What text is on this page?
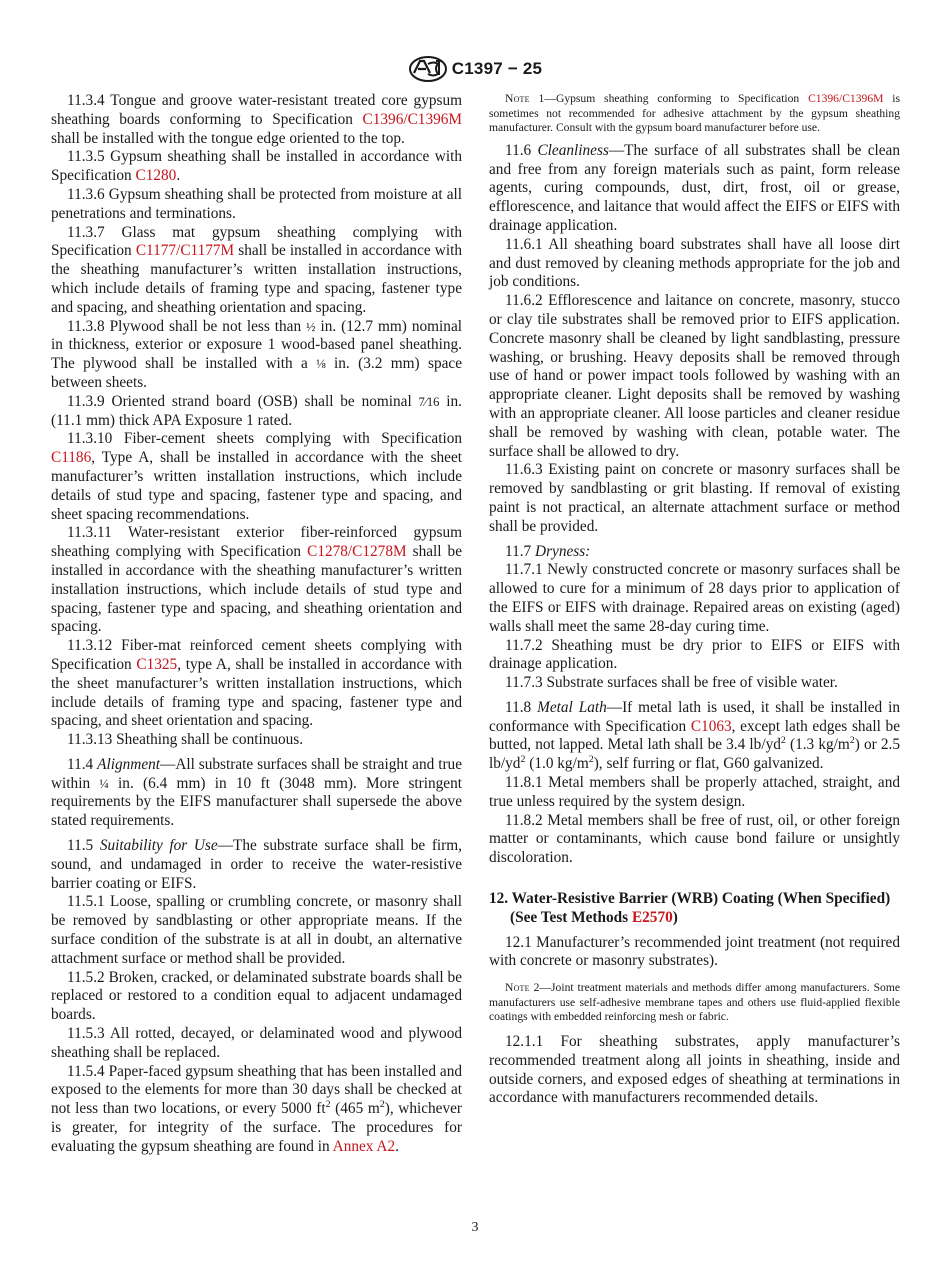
C1397 − 25

11.3.4 Tongue and groove water-resistant treated core gypsum sheathing boards conforming to Specification C1396/C1396M shall be installed with the tongue edge oriented to the top.

11.3.5 Gypsum sheathing shall be installed in accordance with Specification C1280.

11.3.6 Gypsum sheathing shall be protected from moisture at all penetrations and terminations.

11.3.7 Glass mat gypsum sheathing complying with Specification C1177/C1177M shall be installed in accordance with the sheathing manufacturer’s written installation instructions, which include details of framing type and spacing, fastener type and spacing, and sheathing orientation and spacing.

11.3.8 Plywood shall be not less than ½ in. (12.7 mm) nominal in thickness, exterior or exposure 1 wood-based panel sheathing. The plywood shall be installed with a ⅛ in. (3.2 mm) space between sheets.

11.3.9 Oriented strand board (OSB) shall be nominal 7⁄16 in. (11.1 mm) thick APA Exposure 1 rated.

11.3.10 Fiber-cement sheets complying with Specification C1186, Type A, shall be installed in accordance with the sheet manufacturer’s written installation instructions, which include details of stud type and spacing, fastener type and spacing, and sheet spacing recommendations.

11.3.11 Water-resistant exterior fiber-reinforced gypsum sheathing complying with Specification C1278/C1278M shall be installed in accordance with the sheathing manufacturer’s written installation instructions, which include details of stud type and spacing, fastener type and spacing, and sheathing orientation and spacing.

11.3.12 Fiber-mat reinforced cement sheets complying with Specification C1325, type A, shall be installed in accordance with the sheet manufacturer’s written installation instructions, which include details of framing type and spacing, fastener type and spacing, and sheet orientation and spacing.

11.3.13 Sheathing shall be continuous.

11.4 Alignment—All substrate surfaces shall be straight and true within ¼ in. (6.4 mm) in 10 ft (3048 mm). More stringent requirements by the EIFS manufacturer shall supersede the above stated requirements.

11.5 Suitability for Use—The substrate surface shall be firm, sound, and undamaged in order to receive the water-resistive barrier coating or EIFS.

11.5.1 Loose, spalling or crumbling concrete, or masonry shall be removed by sandblasting or other appropriate means. If the surface condition of the substrate is at all in doubt, an alternative attachment surface or method shall be provided.

11.5.2 Broken, cracked, or delaminated substrate boards shall be replaced or restored to a condition equal to adjacent undamaged boards.

11.5.3 All rotted, decayed, or delaminated wood and plywood sheathing shall be replaced.

11.5.4 Paper-faced gypsum sheathing that has been installed and exposed to the elements for more than 30 days shall be checked at not less than two locations, or every 5000 $ft^2$ (465 $m^2$), whichever is greater, for integrity of the surface. The procedures for evaluating the gypsum sheathing are found in Annex A2.

Note 1—Gypsum sheathing conforming to Specification C1396/C1396M is sometimes not recommended for adhesive attachment by the gypsum sheathing manufacturer. Consult with the gypsum board manufacturer before use.

11.6 Cleanliness—The surface of all substrates shall be clean and free from any foreign materials such as paint, form release agents, curing compounds, dust, dirt, frost, oil or grease, efflorescence, and laitance that would affect the EIFS or EIFS with drainage application.

11.6.1 All sheathing board substrates shall have all loose dirt and dust removed by cleaning methods appropriate for the job and job conditions.

11.6.2 Efflorescence and laitance on concrete, masonry, stucco or clay tile substrates shall be removed prior to EIFS application. Concrete masonry shall be cleaned by light sandblasting, pressure washing, or brushing. Heavy deposits shall be removed through use of hand or power impact tools followed by washing with an appropriate cleaner. Light deposits shall be removed by washing with an appropriate cleaner. All loose particles and cleaner residue shall be removed by washing with clean, potable water. The surface shall be allowed to dry.

11.6.3 Existing paint on concrete or masonry surfaces shall be removed by sandblasting or grit blasting. If removal of existing paint is not practical, an alternate attachment surface or method shall be provided.

11.7 Dryness:

11.7.1 Newly constructed concrete or masonry surfaces shall be allowed to cure for a minimum of 28 days prior to application of the EIFS or EIFS with drainage. Repaired areas on existing (aged) walls shall meet the same 28-day curing time.

11.7.2 Sheathing must be dry prior to EIFS or EIFS with drainage application.

11.7.3 Substrate surfaces shall be free of visible water.

11.8 Metal Lath—If metal lath is used, it shall be installed in conformance with Specification C1063, except lath edges shall be butted, not lapped. Metal lath shall be 3.4 $lb/yd^2$ (1.3 $kg/m^2$) or 2.5 $lb/yd^2$ (1.0 $kg/m^2$), self furring or flat, G60 galvanized.

11.8.1 Metal members shall be properly attached, straight, and true unless required by the system design.

11.8.2 Metal members shall be free of rust, oil, or other foreign matter or contaminants, which cause bond failure or unsightly discoloration.

12. Water-Resistive Barrier (WRB) Coating (When Specified) (See Test Methods E2570)

12.1 Manufacturer’s recommended joint treatment (not required with concrete or masonry substrates).

Note 2—Joint treatment materials and methods differ among manufacturers. Some manufacturers use self-adhesive membrane tapes and others use fluid-applied flexible coatings with embedded reinforcing mesh or fabric.

12.1.1 For sheathing substrates, apply manufacturer’s recommended treatment along all joints in sheathing, inside and outside corners, and exposed edges of sheathing at terminations in accordance with manufacturers recommended details.

3
